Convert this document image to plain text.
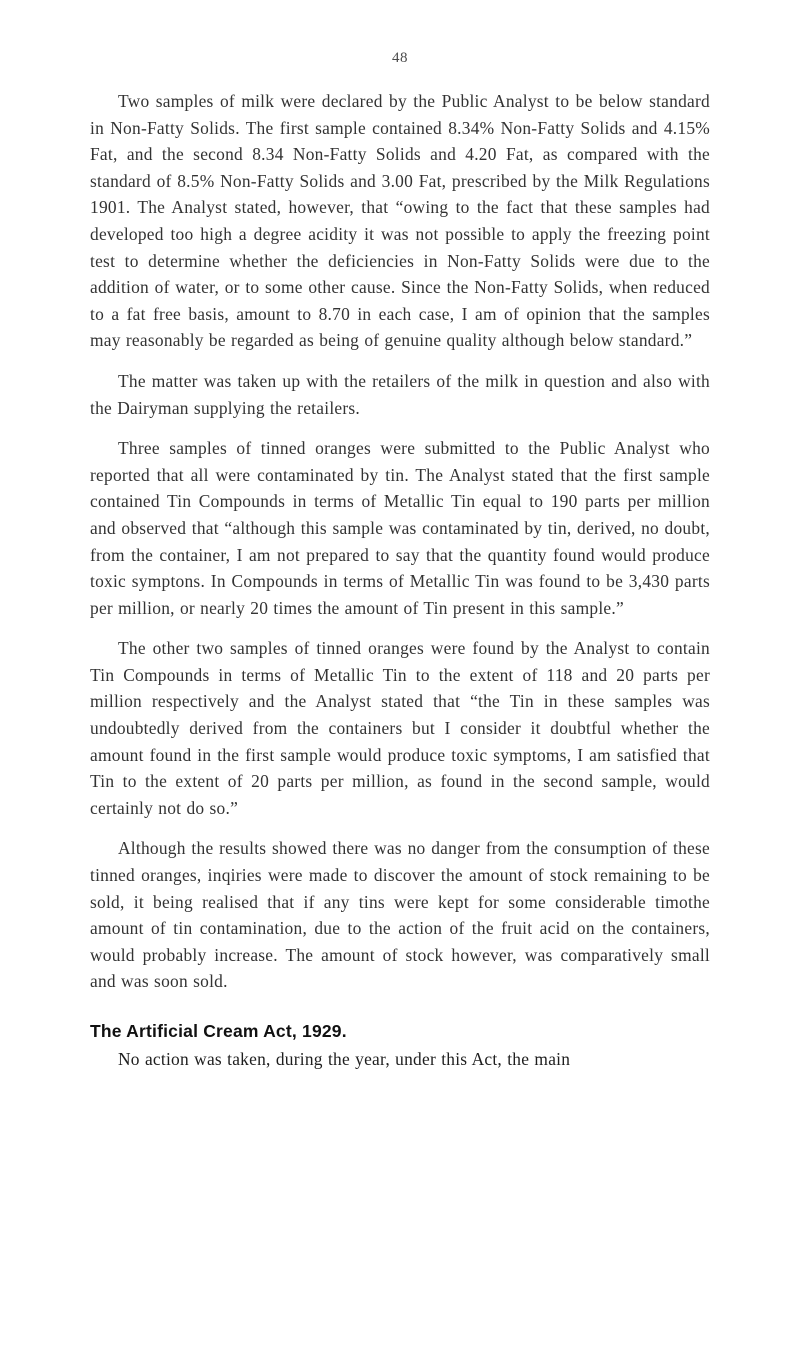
48

Two samples of milk were declared by the Public Analyst to be below standard in Non-Fatty Solids. The first sample contained 8.34% Non-Fatty Solids and 4.15% Fat, and the second 8.34 Non-Fatty Solids and 4.20 Fat, as compared with the standard of 8.5% Non-Fatty Solids and 3.00 Fat, prescribed by the Milk Regulations 1901. The Analyst stated, however, that “owing to the fact that these samples had developed too high a degree acidity it was not possible to apply the freezing point test to determine whether the deficiencies in Non-Fatty Solids were due to the addition of water, or to some other cause. Since the Non-Fatty Solids, when reduced to a fat free basis, amount to 8.70 in each case, I am of opinion that the samples may reasonably be regarded as being of genuine quality although below standard.”

The matter was taken up with the retailers of the milk in question and also with the Dairyman supplying the retailers.

Three samples of tinned oranges were submitted to the Public Analyst who reported that all were contaminated by tin. The Analyst stated that the first sample contained Tin Compounds in terms of Metallic Tin equal to 190 parts per million and observed that “although this sample was contaminated by tin, derived, no doubt, from the container, I am not prepared to say that the quantity found would produce toxic symptons. In Compounds in terms of Metallic Tin was found to be 3,430 parts per million, or nearly 20 times the amount of Tin present in this sample.”

The other two samples of tinned oranges were found by the Analyst to contain Tin Compounds in terms of Metallic Tin to the extent of 118 and 20 parts per million respectively and the Analyst stated that “the Tin in these samples was undoubtedly derived from the containers but I consider it doubtful whether the amount found in the first sample would produce toxic symptoms, I am satisfied that Tin to the extent of 20 parts per million, as found in the second sample, would certainly not do so.”

Although the results showed there was no danger from the consumption of these tinned oranges, inqiries were made to discover the amount of stock remaining to be sold, it being realised that if any tins were kept for some considerable timothe amount of tin contamination, due to the action of the fruit acid on the containers, would probably increase. The amount of stock however, was comparatively small and was soon sold.

The Artificial Cream Act, 1929.

No action was taken, during the year, under this Act, the main
